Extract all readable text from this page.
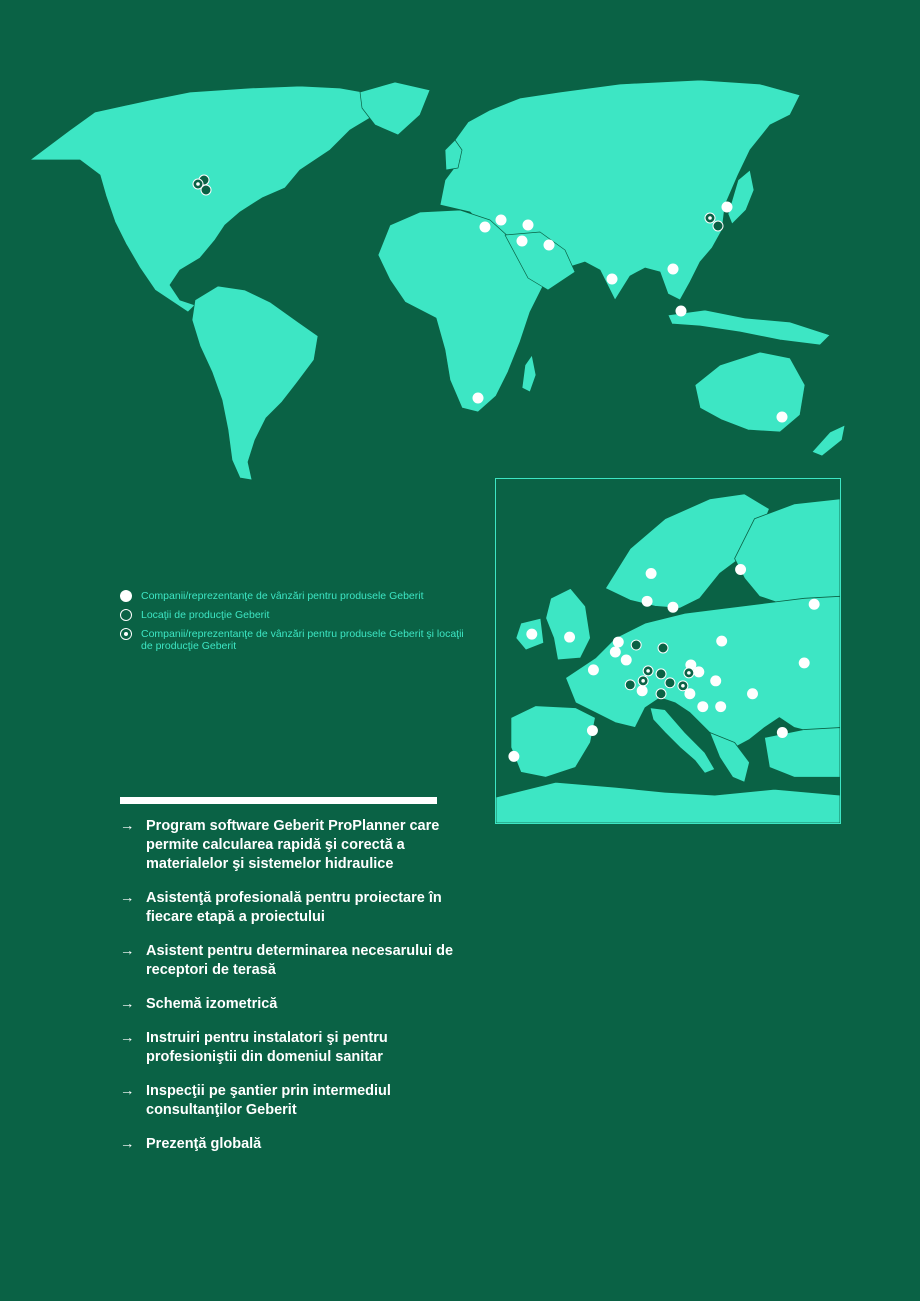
Companii/reprezentanţe de vânzări pentru produsele Geberit
Locaţii de producţie Geberit
Companii/reprezentanţe de vânzări pentru produsele Geberit şi locaţii de producţie Geberit
→ Program software Geberit ProPlanner care permite calcularea rapidă şi corectă a materialelor şi sistemelor hidraulice
→ Asistenţă profesională pentru proiectare în fiecare etapă a proiectului
→ Asistent pentru determinarea necesarului de receptori de terasă
→ Schemă izometrică
→ Instruiri pentru instalatori şi pentru profesioniştii din domeniul sanitar
→ Inspecţii pe şantier prin intermediul consultanţilor Geberit
→ Prezenţă globală
